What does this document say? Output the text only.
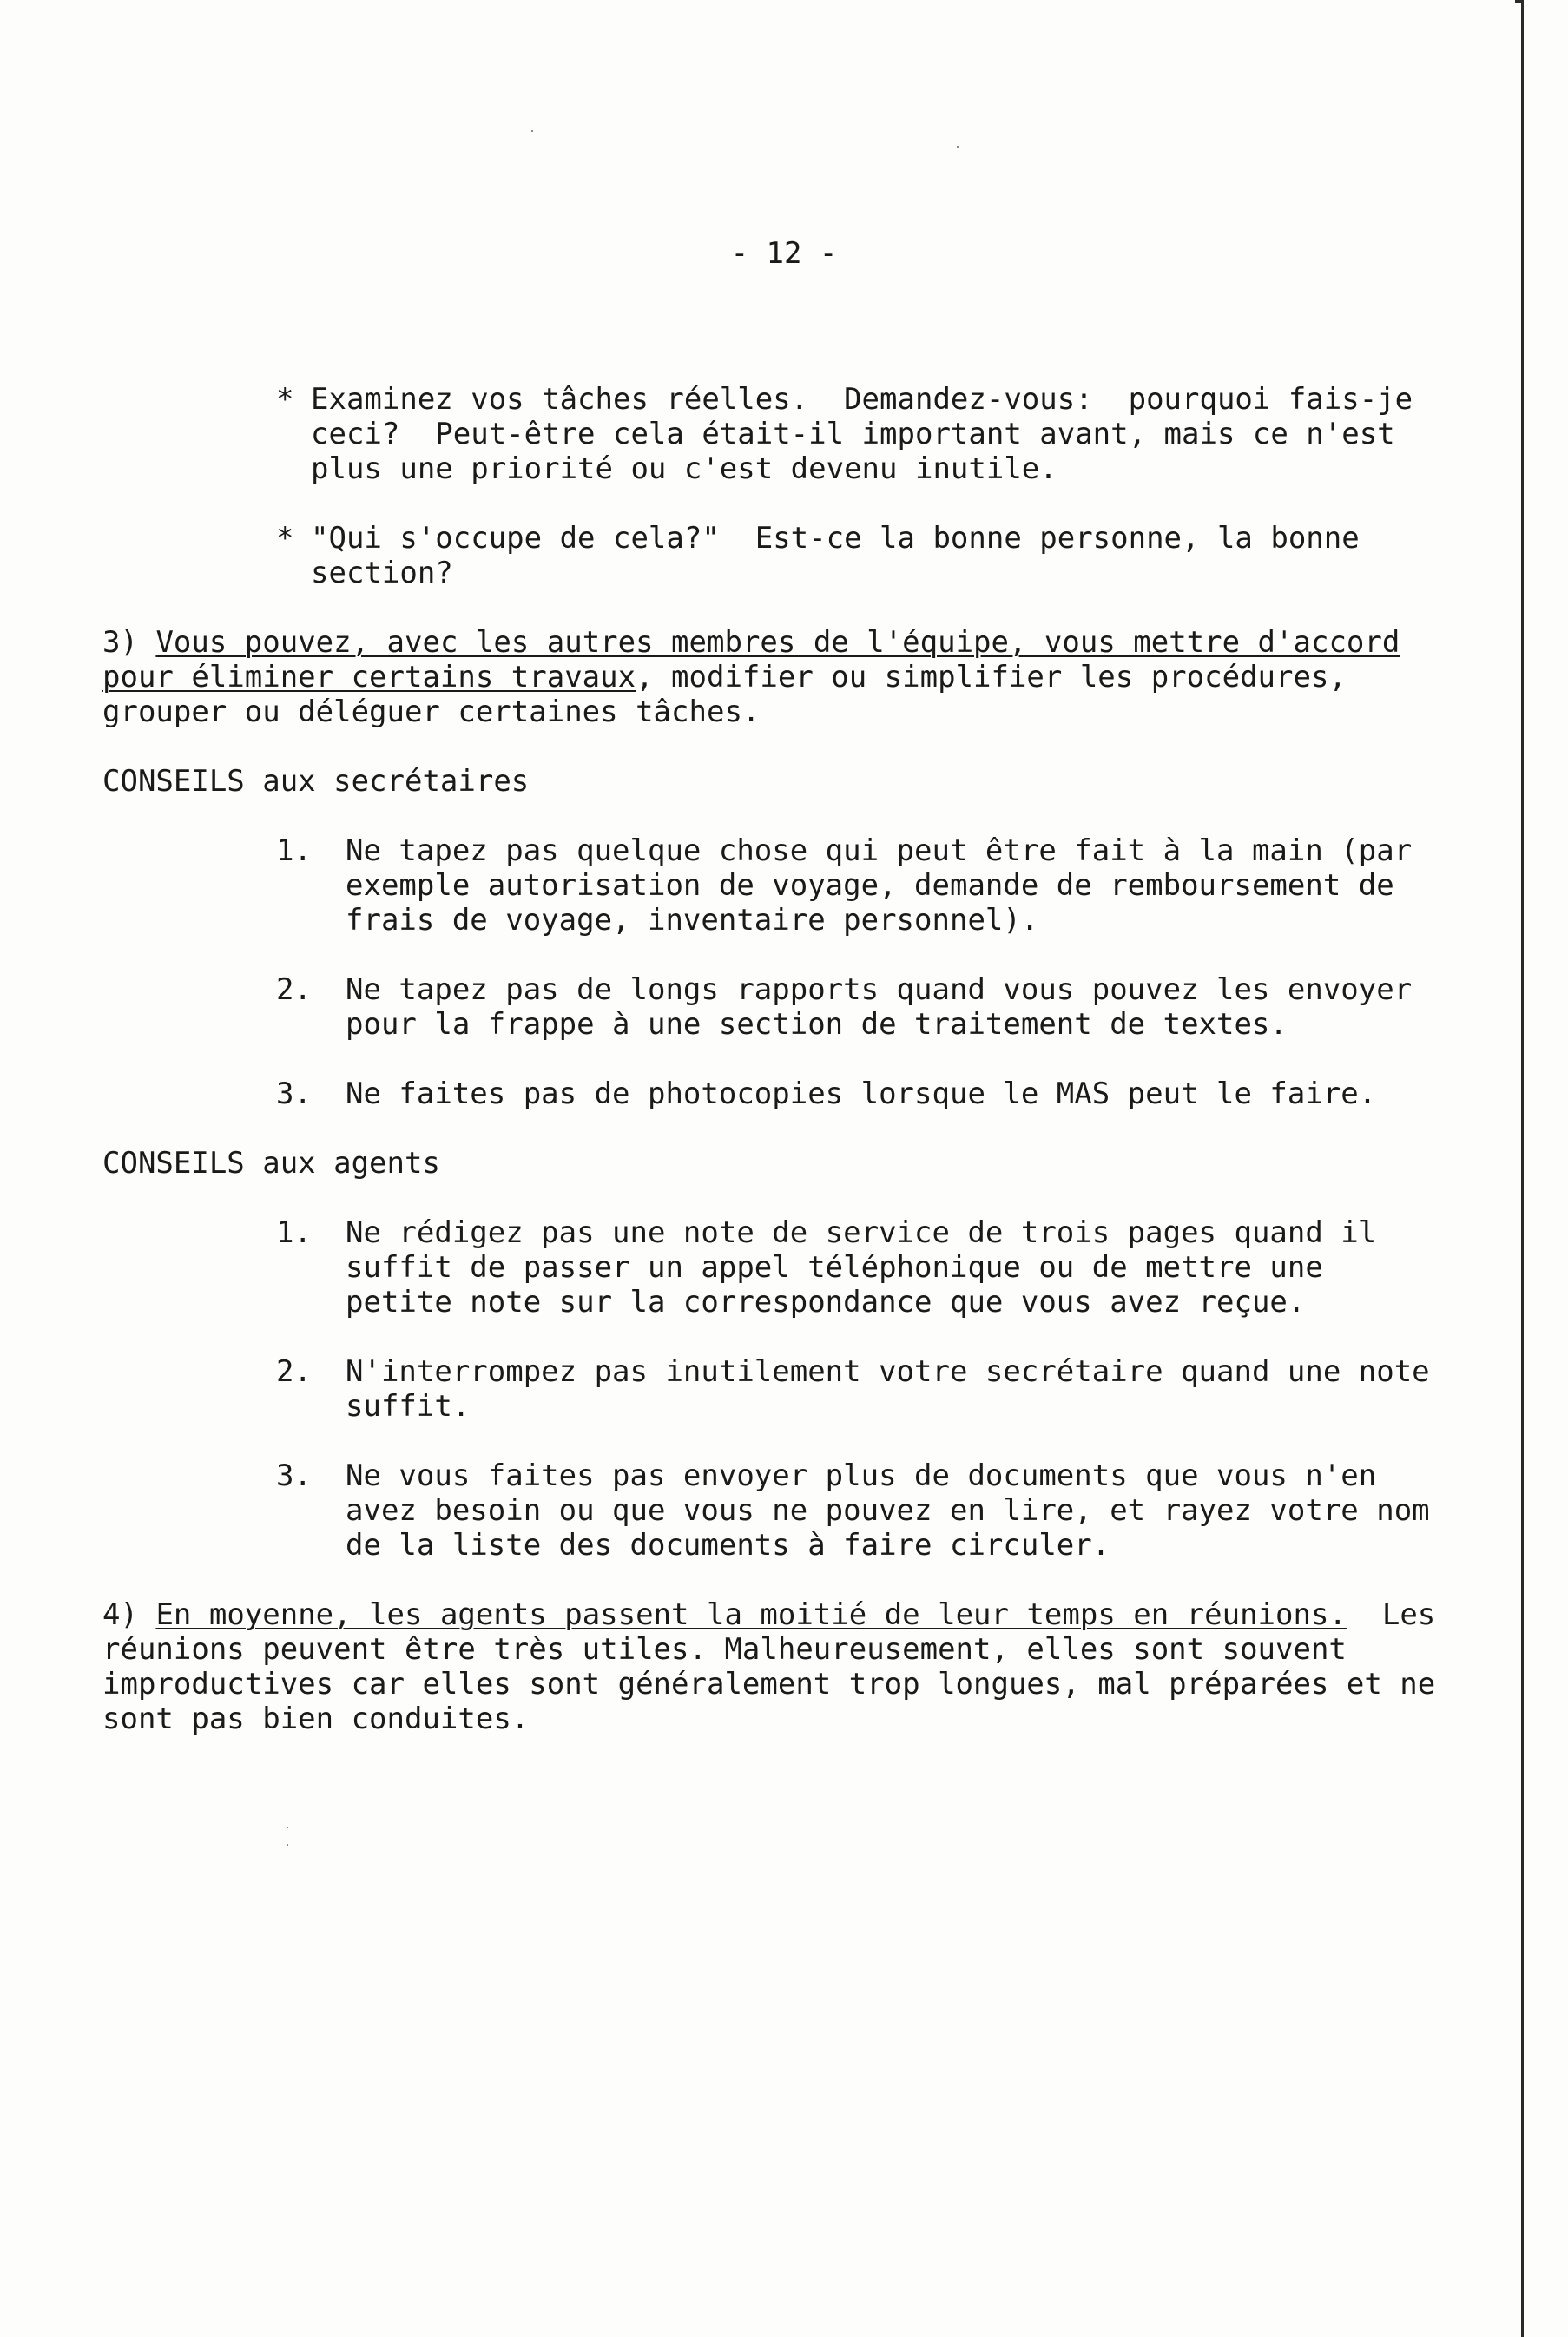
- 12 -
* Examinez vos tâches réelles.  Demandez-vous:  pourquoi fais-je
ceci?  Peut-être cela était-il important avant, mais ce n'est
plus une priorité ou c'est devenu inutile.
* "Qui s'occupe de cela?"  Est-ce la bonne personne, la bonne
section?
3) Vous pouvez, avec les autres membres de l'équipe, vous mettre d'accord
pour éliminer certains travaux, modifier ou simplifier les procédures,
grouper ou déléguer certaines tâches.
CONSEILS aux secrétaires
1. Ne tapez pas quelque chose qui peut être fait à la main (par
exemple autorisation de voyage, demande de remboursement de
frais de voyage, inventaire personnel).
2. Ne tapez pas de longs rapports quand vous pouvez les envoyer
pour la frappe à une section de traitement de textes.
3. Ne faites pas de photocopies lorsque le MAS peut le faire.
CONSEILS aux agents
1. Ne rédigez pas une note de service de trois pages quand il
suffit de passer un appel téléphonique ou de mettre une
petite note sur la correspondance que vous avez reçue.
2. N'interrompez pas inutilement votre secrétaire quand une note
suffit.
3. Ne vous faites pas envoyer plus de documents que vous n'en
avez besoin ou que vous ne pouvez en lire, et rayez votre nom
de la liste des documents à faire circuler.
4) En moyenne, les agents passent la moitié de leur temps en réunions.  Les
réunions peuvent être très utiles. Malheureusement, elles sont souvent
improductives car elles sont généralement trop longues, mal préparées et ne
sont pas bien conduites.
